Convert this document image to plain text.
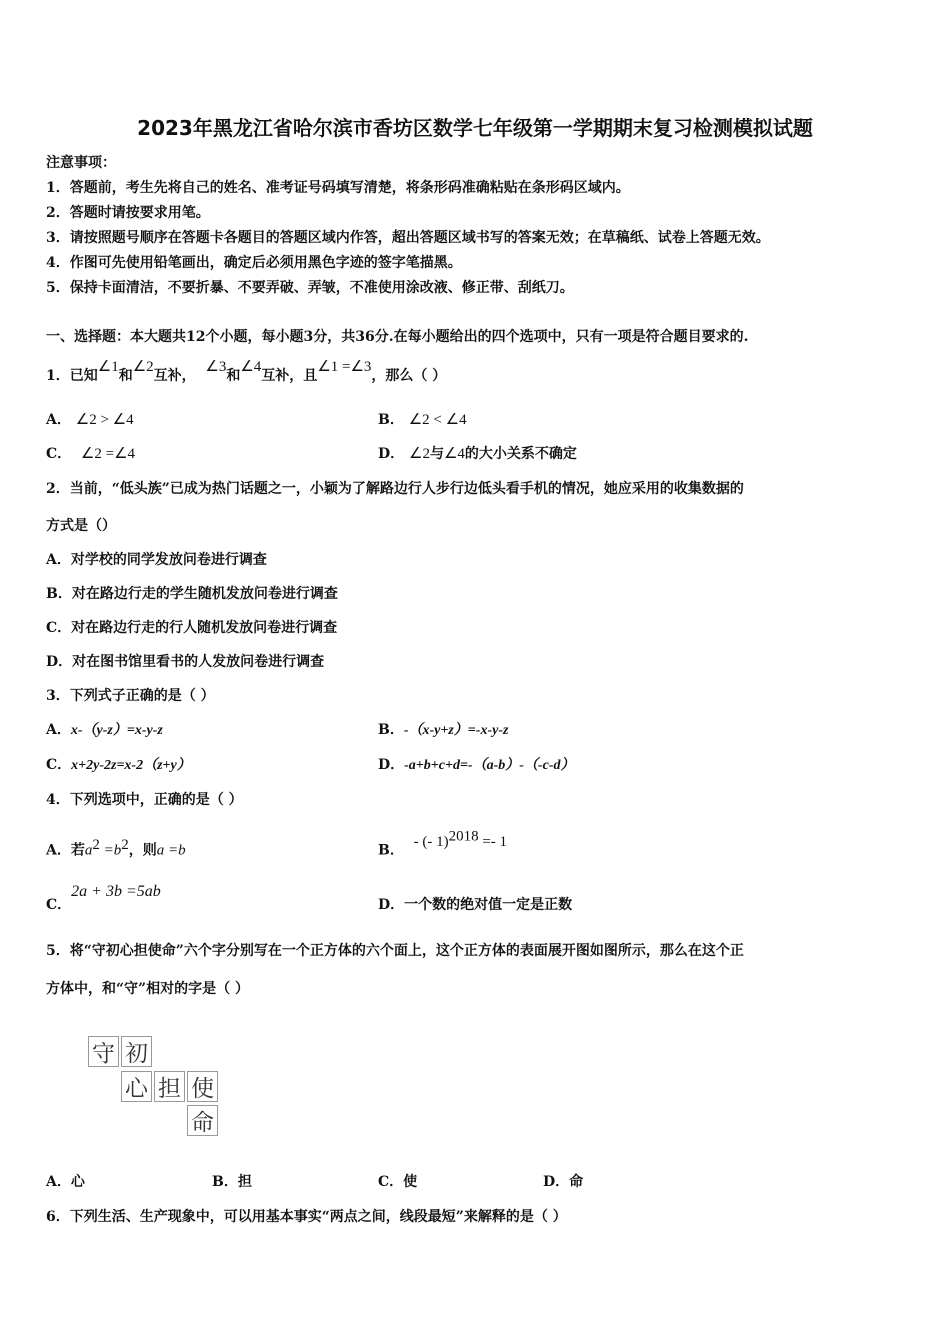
2023年黑龙江省哈尔滨市香坊区数学七年级第一学期期末复习检测模拟试题
注意事项：
1．答题前，考生先将自己的姓名、准考证号码填写清楚，将条形码准确粘贴在条形码区域内。
2．答题时请按要求用笔。
3．请按照题号顺序在答题卡各题目的答题区域内作答，超出答题区域书写的答案无效；在草稿纸、试卷上答题无效。
4．作图可先使用铅笔画出，确定后必须用黑色字迹的签字笔描黑。
5．保持卡面清洁，不要折暴、不要弄破、弄皱，不准使用涂改液、修正带、刮纸刀。
一、选择题：本大题共12个小题，每小题3分，共36分.在每小题给出的四个选项中，只有一项是符合题目要求的.
1．已知∠1和∠2互补，  ∠3和∠4互补，且∠1 =∠3，那么（ ）
A． ∠2 > ∠4	B． ∠2 < ∠4
C． ∠2 =∠4	D． ∠2与∠4的大小关系不确定
2．当前，“低头族”已成为热门话题之一，小颖为了解路边行人步行边低头看手机的情况，她应采用的收集数据的
方式是（）
A．对学校的同学发放问卷进行调查
B．对在路边行走的学生随机发放问卷进行调查
C．对在路边行走的行人随机发放问卷进行调查
D．对在图书馆里看书的人发放问卷进行调查
3．下列式子正确的是（ ）
A．x-（y-z）=x-y-z	B．-（x-y+z）=-x-y-z
C．x+2y-2z=x-2（z+y）	D．-a+b+c+d=-（a-b）-（-c-d）
4．下列选项中，正确的是（ ）
A．若$a^2 =b^2$，则a =b	B．  - (- 1)$^{2018}$ =- 1
C．2a + 3b =5ab
D．一个数的绝对值一定是正数
5．将“守初心担使命”六个字分别写在一个正方体的六个面上，这个正方体的表面展开图如图所示，那么在这个正
方体中，和“守”相对的字是（ ）
守 初
心 担 使
命
A．心	B．担	C．使	D．命
6．下列生活、生产现象中，可以用基本事实“两点之间，线段最短”来解释的是（ ）
